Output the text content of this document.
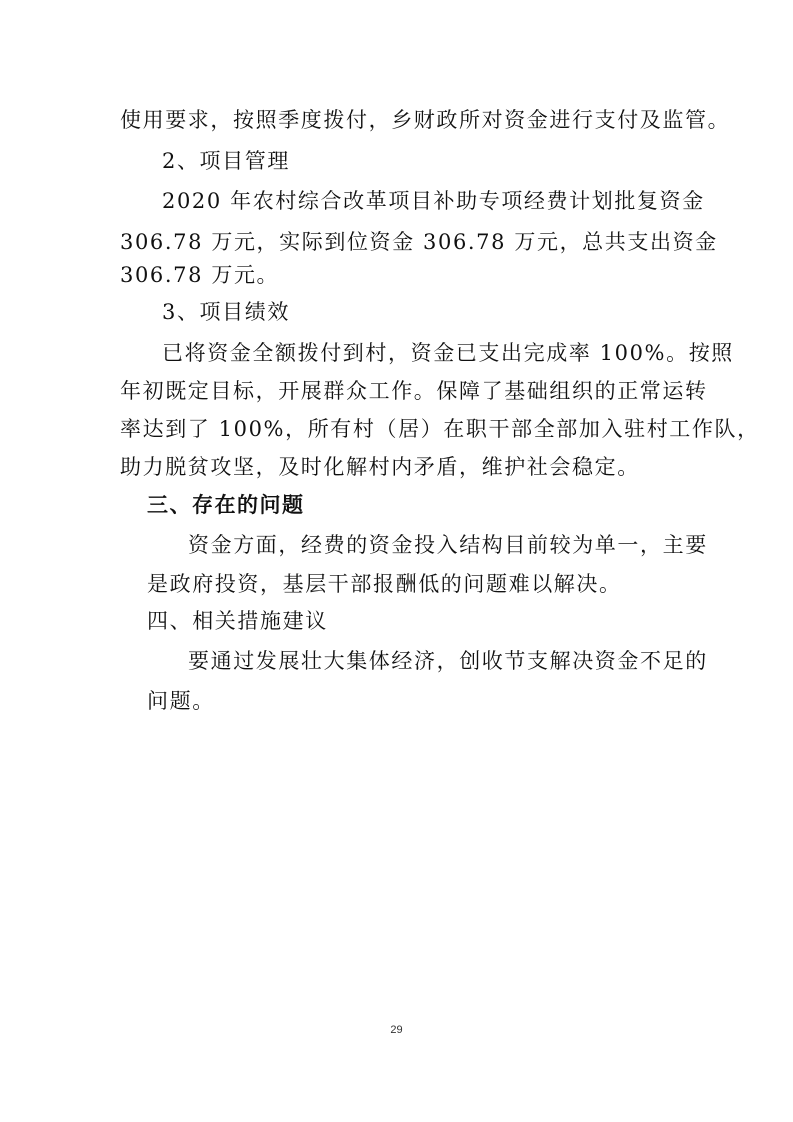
使用要求，按照季度拨付，乡财政所对资金进行支付及监管。
2、项目管理
2020 年农村综合改革项目补助专项经费计划批复资金
306.78 万元，实际到位资金 306.78 万元，总共支出资金
306.78 万元。
3、项目绩效
已将资金全额拨付到村，资金已支出完成率 100%。按照
年初既定目标，开展群众工作。保障了基础组织的正常运转
率达到了 100%，所有村（居）在职干部全部加入驻村工作队，
助力脱贫攻坚，及时化解村内矛盾，维护社会稳定。
三、存在的问题
资金方面，经费的资金投入结构目前较为单一，主要
是政府投资，基层干部报酬低的问题难以解决。
四、相关措施建议
要通过发展壮大集体经济，创收节支解决资金不足的
问题。
29
